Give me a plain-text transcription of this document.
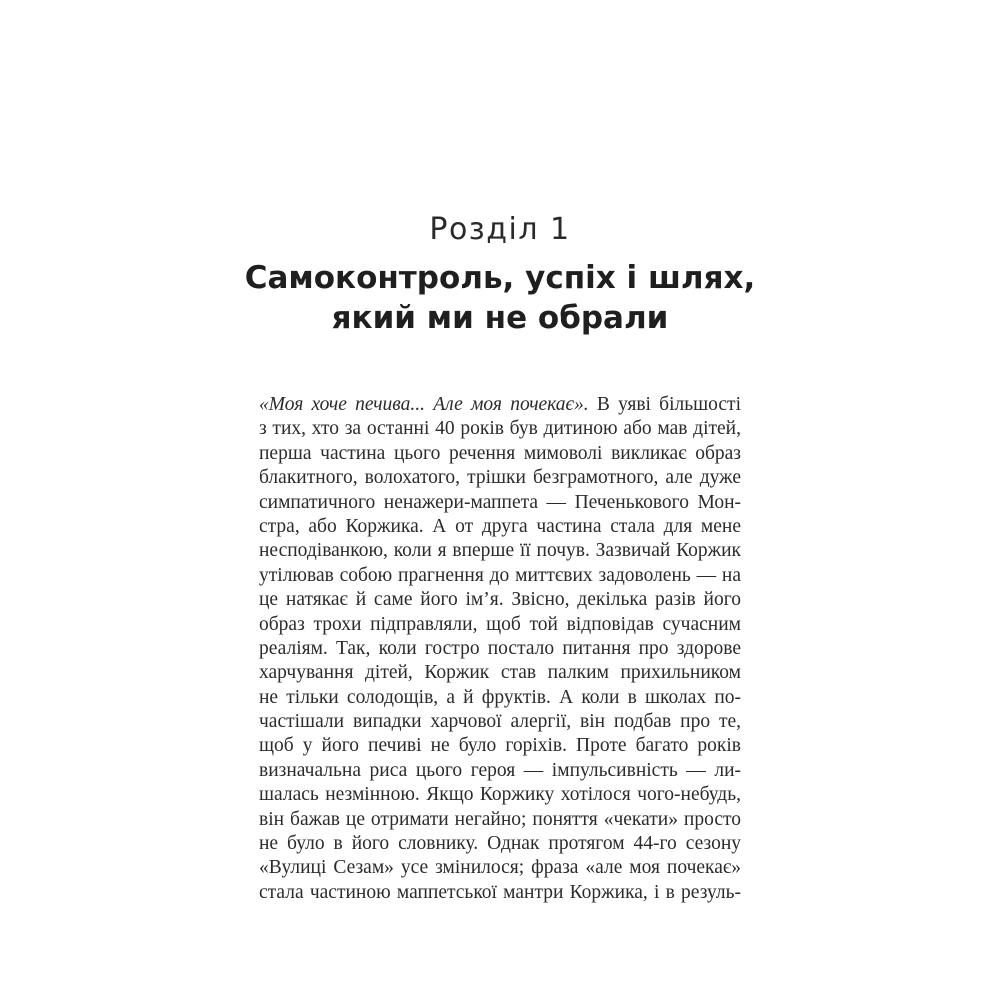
Розділ 1
Самоконтроль, успіх і шлях,
який ми не обрали
«Моя хоче печива... Але моя почекає». В уяві більшості
з тих, хто за останні 40 років був дитиною або мав дітей,
перша частина цього речення мимоволі викликає образ
блакитного, волохатого, трішки безграмотного, але дуже
симпатичного ненажери-маппета — Печенькового Мон-
стра, або Коржика. А от друга частина стала для мене
несподіванкою, коли я вперше її почув. Зазвичай Коржик
утілював собою прагнення до миттєвих задоволень — на
це натякає й саме його ім’я. Звісно, декілька разів його
образ трохи підправляли, щоб той відповідав сучасним
реаліям. Так, коли гостро постало питання про здорове
харчування дітей, Коржик став палким прихильником
не тільки солодощів, а й фруктів. А коли в школах по-
частішали випадки харчової алергії, він подбав про те,
щоб у його печиві не було горіхів. Проте багато років
визначальна риса цього героя — імпульсивність — ли-
шалась незмінною. Якщо Коржику хотілося чого-небудь,
він бажав це отримати негайно; поняття «чекати» просто
не було в його словнику. Однак протягом 44-го сезону
«Вулиці Сезам» усе змінилося; фраза «але моя почекає»
стала частиною маппетської мантри Коржика, і в резуль-
